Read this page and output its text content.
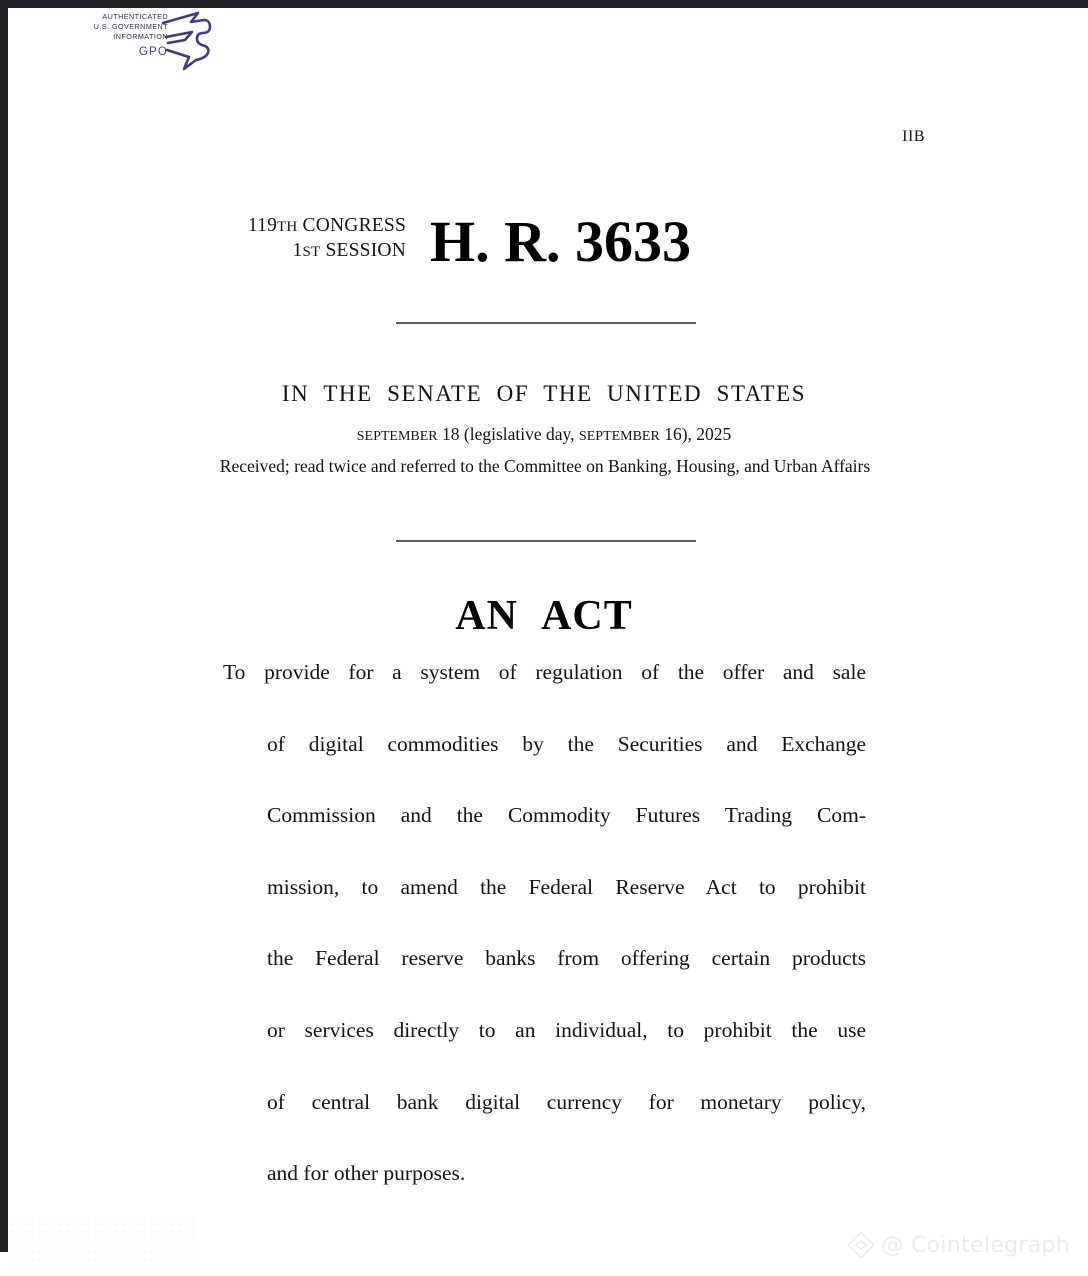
AUTHENTICATED
U.S. GOVERNMENT
INFORMATION
GPO
IIB
119TH CONGRESS
1ST SESSION H. R. 3633
IN THE SENATE OF THE UNITED STATES
SEPTEMBER 18 (legislative day, SEPTEMBER 16), 2025
Received; read twice and referred to the Committee on Banking, Housing, and Urban Affairs
AN ACT
To provide for a system of regulation of the offer and sale
of digital commodities by the Securities and Exchange
Commission and the Commodity Futures Trading Com-
mission, to amend the Federal Reserve Act to prohibit
the Federal reserve banks from offering certain products
or services directly to an individual, to prohibit the use
of central bank digital currency for monetary policy,
and for other purposes.
@ Cointelegraph
